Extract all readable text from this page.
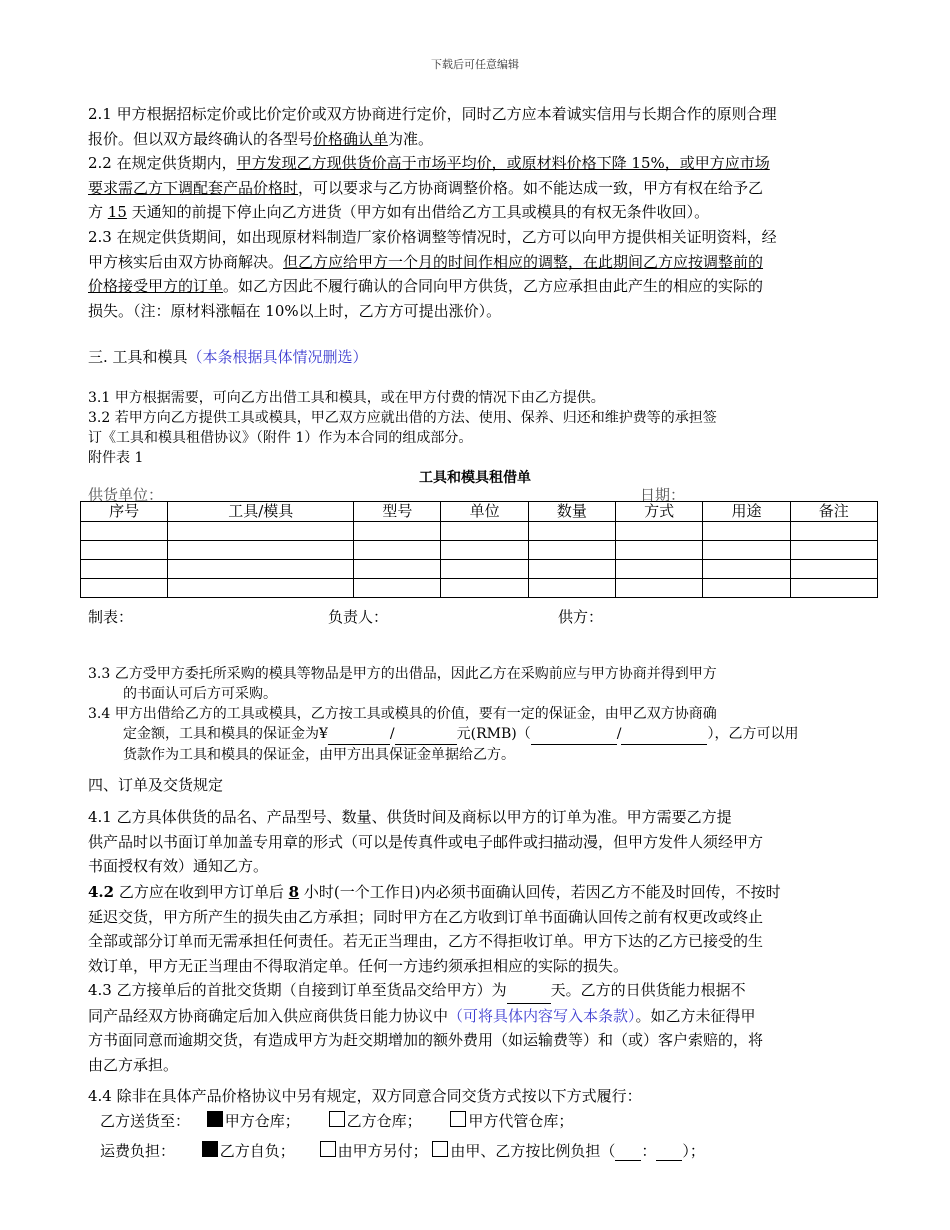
下载后可任意编辑
2.1 甲方根据招标定价或比价定价或双方协商进行定价，同时乙方应本着诚实信用与长期合作的原则合理
报价。但以双方最终确认的各型号价格确认单为准。
2.2 在规定供货期内，甲方发现乙方现供货价高于市场平均价，或原材料价格下降 15%，或甲方应市场
要求需乙方下调配套产品价格时，可以要求与乙方协商调整价格。如不能达成一致，甲方有权在给予乙
方 15 天通知的前提下停止向乙方进货（甲方如有出借给乙方工具或模具的有权无条件收回）。
2.3 在规定供货期间，如出现原材料制造厂家价格调整等情况时，乙方可以向甲方提供相关证明资料，经
甲方核实后由双方协商解决。但乙方应给甲方一个月的时间作相应的调整，在此期间乙方应按调整前的
价格接受甲方的订单。如乙方因此不履行确认的合同向甲方供货，乙方应承担由此产生的相应的实际的
损失。（注：原材料涨幅在 10%以上时，乙方方可提出涨价）。
三. 工具和模具（本条根据具体情况删选）
3.1 甲方根据需要，可向乙方出借工具和模具，或在甲方付费的情况下由乙方提供。
3.2 若甲方向乙方提供工具或模具，甲乙双方应就出借的方法、使用、保养、归还和维护费等的承担签
订《工具和模具租借协议》（附件 1）作为本合同的组成部分。
附件表 1
工具和模具租借单
供货单位：	日期：
序号	工具/模具	型号	单位	数量	方式	用途	备注

制表：	负责人：	供方：
3.3 乙方受甲方委托所采购的模具等物品是甲方的出借品，因此乙方在采购前应与甲方协商并得到甲方
的书面认可后方可采购。
3.4 甲方出借给乙方的工具或模具，乙方按工具或模具的价值，要有一定的保证金，由甲乙双方协商确
定金额，工具和模具的保证金为¥	/	元(RMB)（	/	），乙方可以用
货款作为工具和模具的保证金，由甲方出具保证金单据给乙方。
四、订单及交货规定
4.1 乙方具体供货的品名、产品型号、数量、供货时间及商标以甲方的订单为准。甲方需要乙方提
供产品时以书面订单加盖专用章的形式（可以是传真件或电子邮件或扫描动漫，但甲方发件人须经甲方
书面授权有效）通知乙方。
4.2 乙方应在收到甲方订单后 8 小时(一个工作日)内必须书面确认回传，若因乙方不能及时回传，不按时
延迟交货，甲方所产生的损失由乙方承担；同时甲方在乙方收到订单书面确认回传之前有权更改或终止
全部或部分订单而无需承担任何责任。若无正当理由，乙方不得拒收订单。甲方下达的乙方已接受的生
效订单，甲方无正当理由不得取消定单。任何一方违约须承担相应的实际的损失。
4.3 乙方接单后的首批交货期（自接到订单至货品交给甲方）为	天。乙方的日供货能力根据不
同产品经双方协商确定后加入供应商供货日能力协议中（可将具体内容写入本条款）。如乙方未征得甲
方书面同意而逾期交货，有造成甲方为赶交期增加的额外费用（如运输费等）和（或）客户索赔的，将
由乙方承担。
4.4 除非在具体产品价格协议中另有规定，双方同意合同交货方式按以下方式履行：
乙方送货至： 甲方仓库；	乙方仓库；	甲方代管仓库；
运费负担：	乙方自负；	由甲方另付； 由甲、乙方按比例负担（ ： ）；
